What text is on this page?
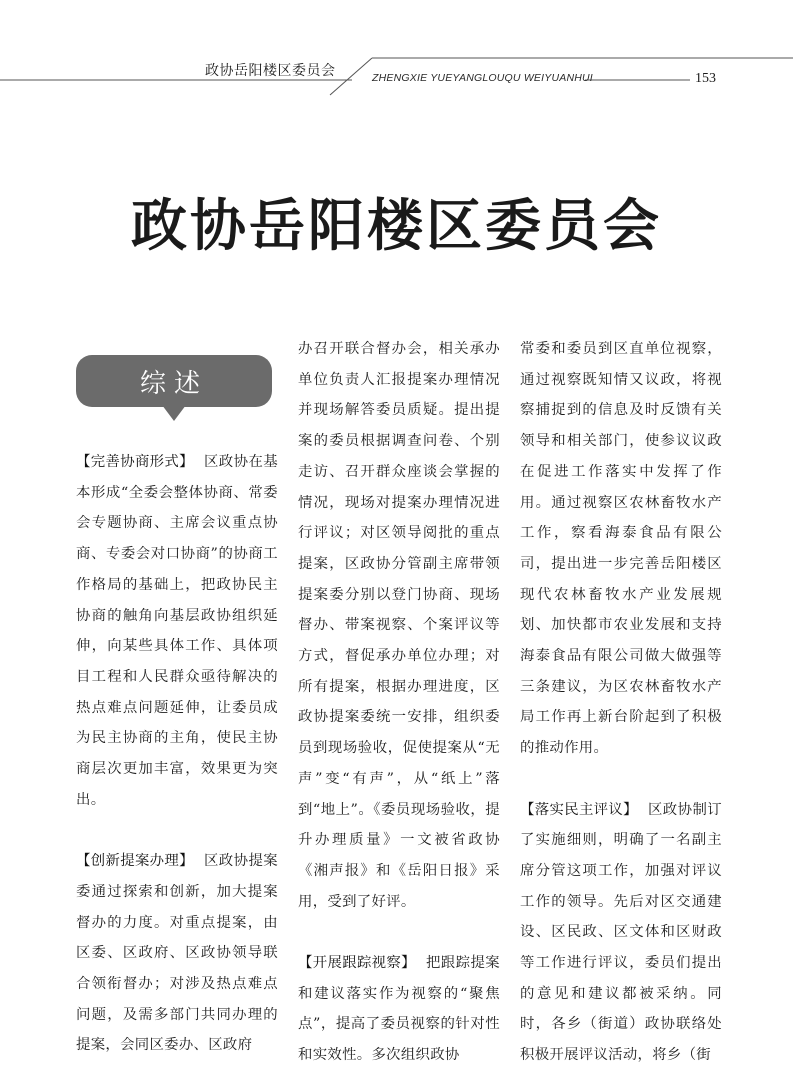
政协岳阳楼区委员会	ZHENGXIE YUEYANGLOUQU WEIYUANHUI	153
政协岳阳楼区委员会
综述

【完善协商形式】 区政协在基本形成“全委会整体协商、常委会专题协商、主席会议重点协商、专委会对口协商”的协商工作格局的基础上，把政协民主协商的触角向基层政协组织延伸，向某些具体工作、具体项目工程和人民群众亟待解决的热点难点问题延伸，让委员成为民主协商的主角，使民主协商层次更加丰富，效果更为突出。

【创新提案办理】 区政协提案委通过探索和创新，加大提案督办的力度。对重点提案，由区委、区政府、区政协领导联合领衔督办；对涉及热点难点问题，及需多部门共同办理的提案，会同区委办、区政府

办召开联合督办会，相关承办单位负责人汇报提案办理情况并现场解答委员质疑。提出提案的委员根据调查问卷、个别走访、召开群众座谈会掌握的情况，现场对提案办理情况进行评议；对区领导阅批的重点提案，区政协分管副主席带领提案委分别以登门协商、现场督办、带案视察、个案评议等方式，督促承办单位办理；对所有提案，根据办理进度，区政协提案委统一安排，组织委员到现场验收，促使提案从“无声”变“有声”，从“纸上”落到“地上”。《委员现场验收，提升办理质量》一文被省政协《湘声报》和《岳阳日报》采用，受到了好评。

【开展跟踪视察】 把跟踪提案和建议落实作为视察的“聚焦点”，提高了委员视察的针对性和实效性。多次组织政协

常委和委员到区直单位视察，通过视察既知情又议政，将视察捕捉到的信息及时反馈有关领导和相关部门，使参议议政在促进工作落实中发挥了作用。通过视察区农林畜牧水产工作，察看海泰食品有限公司，提出进一步完善岳阳楼区现代农林畜牧水产业发展规划、加快都市农业发展和支持海泰食品有限公司做大做强等三条建议，为区农林畜牧水产局工作再上新台阶起到了积极的推动作用。

【落实民主评议】 区政协制订了实施细则，明确了一名副主席分管这项工作，加强对评议工作的领导。先后对区交通建设、区民政、区文体和区财政等工作进行评议，委员们提出的意见和建议都被采纳。同时，各乡（街道）政协联络处积极开展评议活动，将乡（街
